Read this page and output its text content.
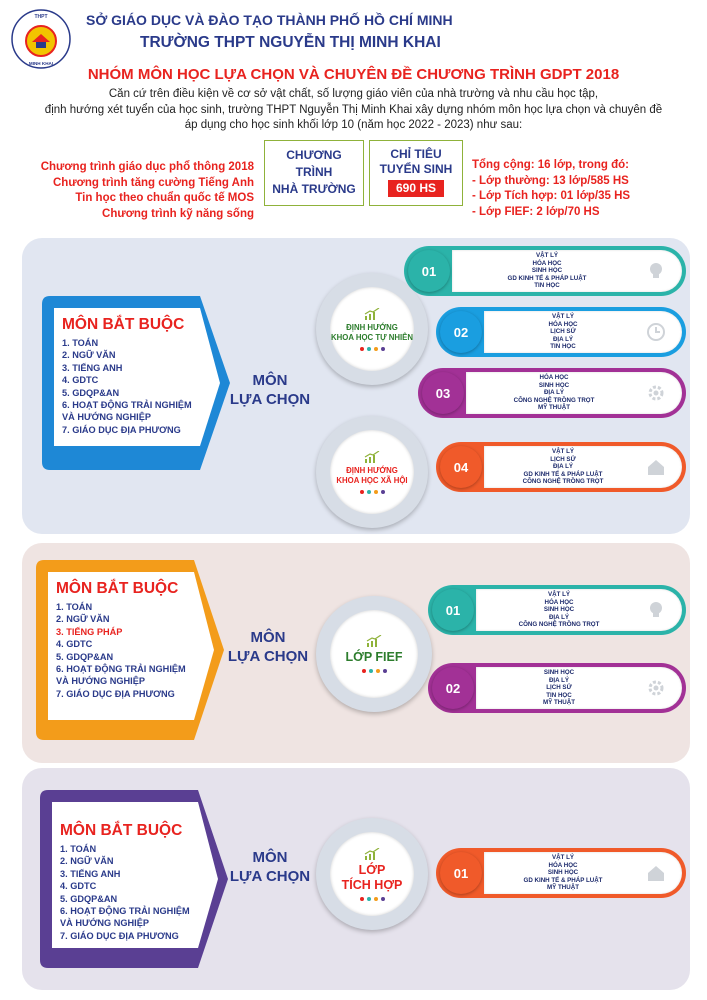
THPT
MINH KHAI
SỞ GIÁO DỤC VÀ ĐÀO TẠO THÀNH PHỐ HỒ CHÍ MINH
TRƯỜNG THPT NGUYỄN THỊ MINH KHAI
NHÓM MÔN HỌC LỰA CHỌN VÀ CHUYÊN ĐỀ CHƯƠNG TRÌNH GDPT 2018
Căn cứ trên điều kiện về cơ sở vật chất, số lượng giáo viên của nhà trường và nhu cầu học tập,
định hướng xét tuyển của học sinh, trường THPT Nguyễn Thị Minh Khai xây dựng nhóm môn học lựa chọn và chuyên đề
áp dụng cho học sinh khối lớp 10 (năm học 2022 - 2023) như sau:
Chương trình giáo dục phổ thông 2018
Chương trình tăng cường Tiếng Anh
Tin học theo chuẩn quốc tế MOS
Chương trình kỹ năng sống
CHƯƠNG
TRÌNH
NHÀ TRƯỜNG
CHỈ TIÊU
TUYỂN SINH
690 HS
Tổng cộng: 16 lớp, trong đó:
- Lớp thường: 13 lớp/585 HS
- Lớp Tích hợp: 01 lớp/35 HS
- Lớp FIEF: 2 lớp/70 HS
MÔN BẮT BUỘC
1. TOÁN
2. NGỮ VĂN
3. TIẾNG ANH
4. GDTC
5. GDQP&AN
6. HOẠT ĐỘNG TRẢI NGHIỆM
VÀ HƯỚNG NGHIỆP
7. GIÁO DỤC ĐỊA PHƯƠNG
MÔN
LỰA CHỌN
ĐỊNH HƯỚNG
KHOA HỌC TỰ NHIÊN
ĐỊNH HƯỚNG
KHOA HỌC XÃ HỘI
01
VẬT LÝ
HÓA HỌC
SINH HỌC
GD KINH TẾ & PHÁP LUẬT
TIN HỌC
02
VẬT LÝ
HÓA HỌC
LỊCH SỬ
ĐỊA LÝ
TIN HỌC
03
HÓA HỌC
SINH HỌC
ĐỊA LÝ
CÔNG NGHỆ TRỒNG TRỌT
MỸ THUẬT
04
VẬT LÝ
LỊCH SỬ
ĐỊA LÝ
GD KINH TẾ & PHÁP LUẬT
CÔNG NGHỆ TRỒNG TRỌT
MÔN BẮT BUỘC
1. TOÁN
2. NGỮ VĂN
3. TIẾNG PHÁP
4. GDTC
5. GDQP&AN
6. HOẠT ĐỘNG TRẢI NGHIỆM
VÀ HƯỚNG NGHIỆP
7. GIÁO DỤC ĐỊA PHƯƠNG
MÔN
LỰA CHỌN	LỚP FIEF
01
VẬT LÝ
HÓA HỌC
SINH HỌC
ĐỊA LÝ
CÔNG NGHỆ TRỒNG TRỌT
02
SINH HỌC
ĐỊA LÝ
LỊCH SỬ
TIN HỌC
MỸ THUẬT
MÔN BẮT BUỘC
1. TOÁN
2. NGỮ VĂN
3. TIẾNG ANH
4. GDTC
5. GDQP&AN
6. HOẠT ĐỘNG TRẢI NGHIỆM
VÀ HƯỚNG NGHIỆP
7. GIÁO DỤC ĐỊA PHƯƠNG
MÔN
LỰA CHỌN	LỚP
TÍCH HỢP
01
VẬT LÝ
HÓA HỌC
SINH HỌC
GD KINH TẾ & PHÁP LUẬT
MỸ THUẬT
